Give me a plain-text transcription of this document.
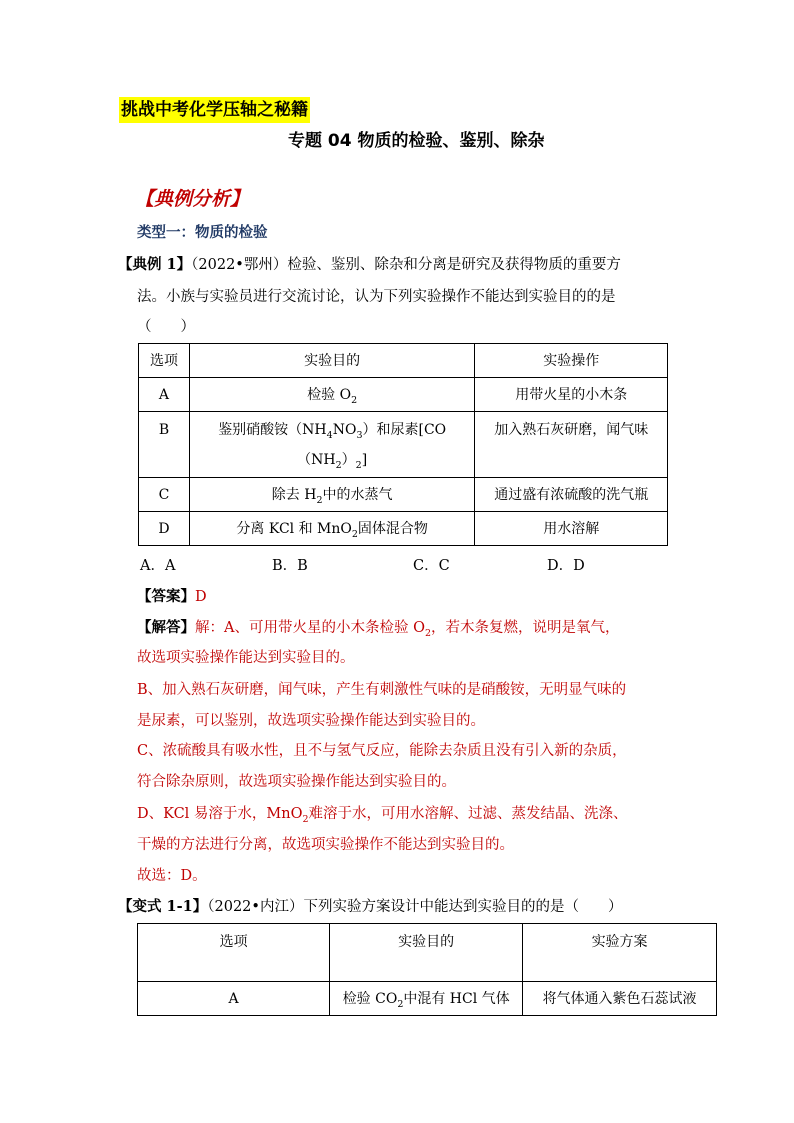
挑战中考化学压轴之秘籍
专题 04 物质的检验、鉴别、除杂
【典例分析】
类型一：物质的检验
【典例 1】（2022•鄂州）检验、鉴别、除杂和分离是研究及获得物质的重要方
法。小族与实验员进行交流讨论，认为下列实验操作不能达到实验目的的是
（　　）
选项	实验目的	实验操作
A	检验 $O_2$	用带火星的小木条
B	鉴别硝酸铵$(NH_4NO_3)$和尿素[CO
$(NH_2)_2$]	加入熟石灰研磨，闻气味
C	除去 $H_2$中的水蒸气	通过盛有浓硫酸的洗气瓶
D	分离 KCl 和 MnO$_2$固体混合物	用水溶解
A．A	B．B	C．C	D．D
【答案】D
【解答】解：A、可用带火星的小木条检验 $O_2$，若木条复燃，说明是氧气，
故选项实验操作能达到实验目的。
B、加入熟石灰研磨，闻气味，产生有刺激性气味的是硝酸铵，无明显气味的
是尿素，可以鉴别，故选项实验操作能达到实验目的。
C、浓硫酸具有吸水性，且不与氢气反应，能除去杂质且没有引入新的杂质，
符合除杂原则，故选项实验操作能达到实验目的。
D、KCl 易溶于水，MnO$_2$难溶于水，可用水溶解、过滤、蒸发结晶、洗涤、
干燥的方法进行分离，故选项实验操作不能达到实验目的。
故选：D。
【变式 1-1】（2022•内江）下列实验方案设计中能达到实验目的的是（　　）
选项	实验目的	实验方案
A	检验 $CO_2$中混有 HCl 气体	将气体通入紫色石蕊试液
